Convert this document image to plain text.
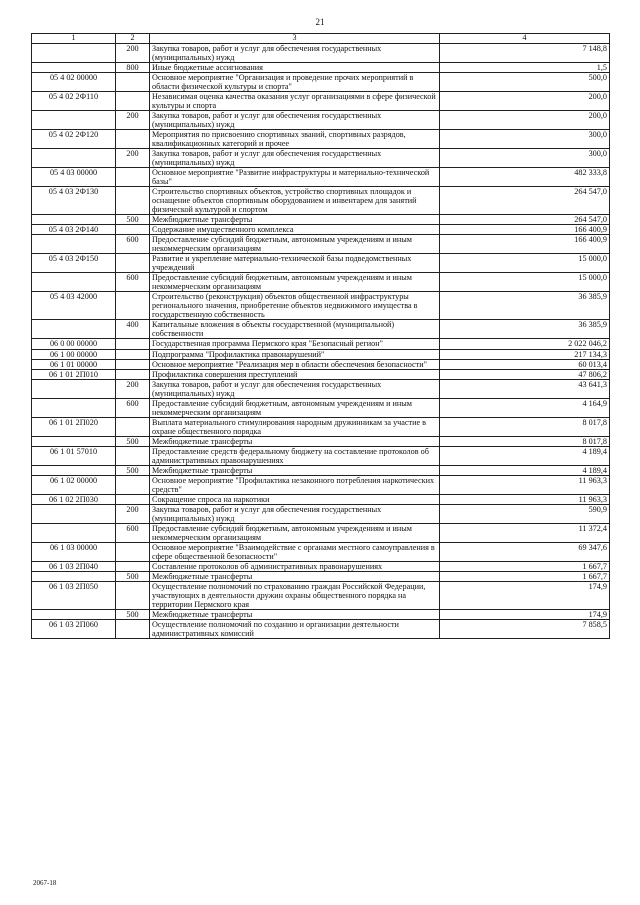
21
1	2	3	4
	200	Закупка товаров, работ и услуг для обеспечения государственных (муниципальных) нужд	7 148,8
	800	Иные бюджетные ассигнования	1,5
05 4 02 00000		Основное мероприятие "Организация и проведение прочих мероприятий в области физической культуры и спорта"	500,0
05 4 02 2Ф110		Независимая оценка качества оказания услуг организациями в сфере физической культуры и спорта	200,0
	200	Закупка товаров, работ и услуг для обеспечения государственных (муниципальных) нужд	200,0
05 4 02 2Ф120		Мероприятия по присвоению спортивных званий, спортивных разрядов, квалификационных категорий и прочее	300,0
	200	Закупка товаров, работ и услуг для обеспечения государственных (муниципальных) нужд	300,0
05 4 03 00000		Основное мероприятие "Развитие инфраструктуры и материально-технической базы"	482 333,8
05 4 03 2Ф130		Строительство спортивных объектов, устройство спортивных площадок и оснащение объектов спортивным оборудованием и инвентарем для занятий физической культурой и спортом	264 547,0
	500	Межбюджетные трансферты	264 547,0
05 4 03 2Ф140		Содержание имущественного комплекса	166 400,9
	600	Предоставление субсидий бюджетным, автономным учреждениям и иным некоммерческим организациям	166 400,9
05 4 03 2Ф150		Развитие и укрепление материально-технической базы подведомственных учреждений	15 000,0
	600	Предоставление субсидий бюджетным, автономным учреждениям и иным некоммерческим организациям	15 000,0
05 4 03 42000		Строительство (реконструкция) объектов общественной инфраструктуры регионального значения, приобретение объектов недвижимого имущества в государственную собственность	36 385,9
	400	Капитальные вложения в объекты государственной (муниципальной) собственности	36 385,9
06 0 00 00000		Государственная программа Пермского края "Безопасный регион"	2 022 046,2
06 1 00 00000		Подпрограмма "Профилактика правонарушений"	217 134,3
06 1 01 00000		Основное мероприятие "Реализация мер в области обеспечения безопасности"	60 013,4
06 1 01 2П010		Профилактика совершения преступлений	47 806,2
	200	Закупка товаров, работ и услуг для обеспечения государственных (муниципальных) нужд	43 641,3
	600	Предоставление субсидий бюджетным, автономным учреждениям и иным некоммерческим организациям	4 164,9
06 1 01 2П020		Выплата материального стимулирования народным дружинникам за участие в охране общественного порядка	8 017,8
	500	Межбюджетные трансферты	8 017,8
06 1 01 57010		Предоставление средств федеральному бюджету на составление протоколов об административных правонарушениях	4 189,4
	500	Межбюджетные трансферты	4 189,4
06 1 02 00000		Основное мероприятие "Профилактика незаконного потребления наркотических средств"	11 963,3
06 1 02 2П030		Сокращение спроса на наркотики	11 963,3
	200	Закупка товаров, работ и услуг для обеспечения государственных (муниципальных) нужд	590,9
	600	Предоставление субсидий бюджетным, автономным учреждениям и иным некоммерческим организациям	11 372,4
06 1 03 00000		Основное мероприятие "Взаимодействие с органами местного самоуправления в сфере общественной безопасности"	69 347,6
06 1 03 2П040		Составление протоколов об административных правонарушениях	1 667,7
	500	Межбюджетные трансферты	1 667,7
06 1 03 2П050		Осуществление полномочий по страхованию граждан Российской Федерации, участвующих в деятельности дружин охраны общественного порядка на территории Пермского края	174,9
	500	Межбюджетные трансферты	174,9
06 1 03 2П060		Осуществление полномочий по созданию и организации деятельности административных комиссий	7 858,5
2067-18
